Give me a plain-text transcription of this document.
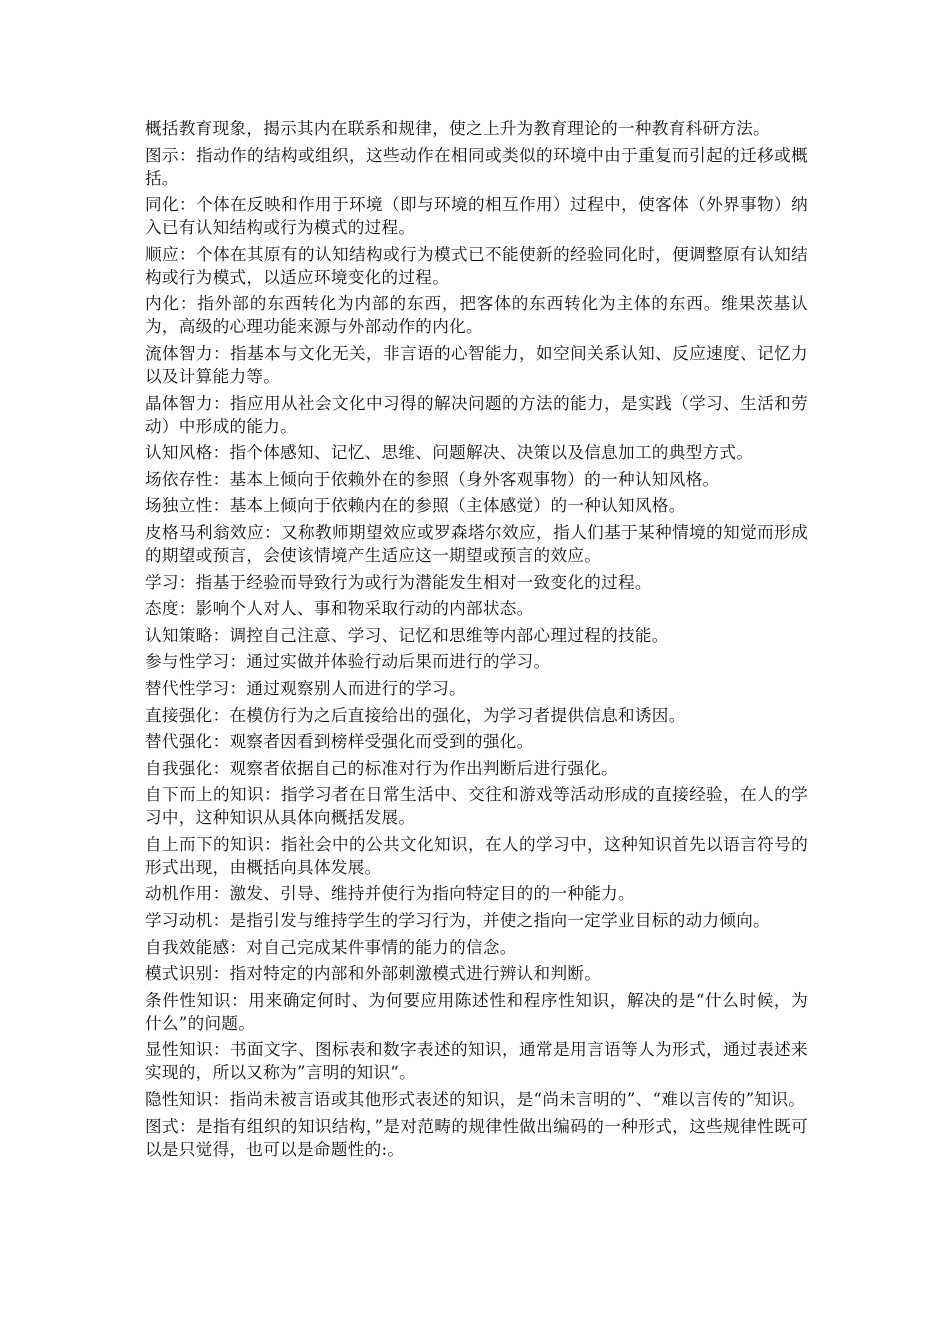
概括教育现象，揭示其内在联系和规律，使之上升为教育理论的一种教育科研方法。

图示：指动作的结构或组织，这些动作在相同或类似的环境中由于重复而引起的迁移或概括。

同化：个体在反映和作用于环境（即与环境的相互作用）过程中，使客体（外界事物）纳入已有认知结构或行为模式的过程。

顺应：个体在其原有的认知结构或行为模式已不能使新的经验同化时，便调整原有认知结构或行为模式，以适应环境变化的过程。

内化：指外部的东西转化为内部的东西，把客体的东西转化为主体的东西。维果茨基认为，高级的心理功能来源与外部动作的内化。

流体智力：指基本与文化无关，非言语的心智能力，如空间关系认知、反应速度、记忆力以及计算能力等。

晶体智力：指应用从社会文化中习得的解决问题的方法的能力，是实践（学习、生活和劳动）中形成的能力。

认知风格：指个体感知、记忆、思维、问题解决、决策以及信息加工的典型方式。

场依存性：基本上倾向于依赖外在的参照（身外客观事物）的一种认知风格。

场独立性：基本上倾向于依赖内在的参照（主体感觉）的一种认知风格。

皮格马利翁效应：又称教师期望效应或罗森塔尔效应，指人们基于某种情境的知觉而形成的期望或预言，会使该情境产生适应这一期望或预言的效应。

学习：指基于经验而导致行为或行为潜能发生相对一致变化的过程。

态度：影响个人对人、事和物采取行动的内部状态。

认知策略：调控自己注意、学习、记忆和思维等内部心理过程的技能。

参与性学习：通过实做并体验行动后果而进行的学习。

替代性学习：通过观察别人而进行的学习。

直接强化：在模仿行为之后直接给出的强化，为学习者提供信息和诱因。

替代强化：观察者因看到榜样受强化而受到的强化。

自我强化：观察者依据自己的标准对行为作出判断后进行强化。

自下而上的知识：指学习者在日常生活中、交往和游戏等活动形成的直接经验，在人的学习中，这种知识从具体向概括发展。

自上而下的知识：指社会中的公共文化知识，在人的学习中，这种知识首先以语言符号的形式出现，由概括向具体发展。

动机作用：激发、引导、维持并使行为指向特定目的的一种能力。

学习动机：是指引发与维持学生的学习行为，并使之指向一定学业目标的动力倾向。

自我效能感：对自己完成某件事情的能力的信念。

模式识别：指对特定的内部和外部刺激模式进行辨认和判断。

条件性知识：用来确定何时、为何要应用陈述性和程序性知识，解决的是“什么时候，为什么”的问题。

显性知识：书面文字、图标表和数字表述的知识，通常是用言语等人为形式，通过表述来实现的，所以又称为”言明的知识“。

隐性知识：指尚未被言语或其他形式表述的知识，是“尚未言明的”、“难以言传的”知识。

图式：是指有组织的知识结构，”是对范畴的规律性做出编码的一种形式，这些规律性既可以是只觉得，也可以是命题性的:。
